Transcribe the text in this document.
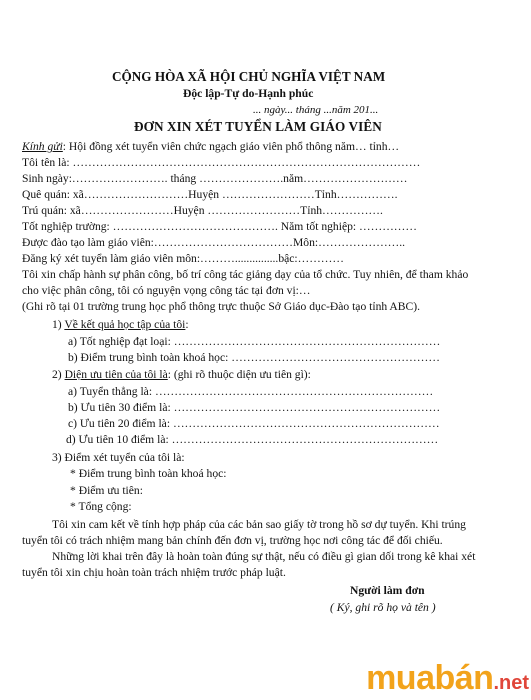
CỘNG HÒA XÃ HỘI CHỦ NGHĨA VIỆT NAM
Độc lập-Tự do-Hạnh phúc
... ngày... tháng ...năm 201...
ĐƠN XIN XÉT TUYỂN LÀM GIÁO VIÊN
Kính gửi: Hội đồng xét tuyển viên chức ngạch giáo viên phổ thông năm… tỉnh…
Tôi tên là: ………………………………………………………………………………
Sinh ngày:……………………. tháng ………………….năm………………………
Quê quán: xã………………………Huyện ……………………Tỉnh…………….
Trú quán: xã……………………Huyện ……………………Tỉnh…………….
Tốt nghiệp trường: ……………………………………. Năm tốt nghiệp: ……………
Được đào tạo làm giáo viên:………………………………Môn:…………………..
Đăng ký xét tuyển làm giáo viên môn:………...............bậc:…………
Tôi xin chấp hành sự phân công, bố trí công tác giảng dạy của tổ chức. Tuy nhiên, để tham khảo
cho việc phân công, tôi có nguyện vọng công tác tại đơn vị:…
(Ghi rõ tại 01 trường trung học phổ thông trực thuộc Sở Giáo dục-Đào tạo tỉnh ABC).
1) Về kết quả học tập của tôi:
a) Tốt nghiệp đạt loại: ……………………………………………………………
b) Điểm trung bình toàn khoá học: ………………………………………………
2) Diện ưu tiên của tôi là: (ghi rõ thuộc diện ưu tiên gì):
a) Tuyển thẳng là: ………………………………………………………………
b) Ưu tiên 30 điểm là: ……………………………………………………………
c) Ưu tiên 20 điểm là: ……………………………………………………………
d) Ưu tiên 10 điểm là: ……………………………………………………………
3) Điểm xét tuyển của tôi là:
* Điểm trung bình toàn khoá học:
* Điểm ưu tiên:
* Tổng cộng:
Tôi xin cam kết về tính hợp pháp của các bản sao giấy tờ trong hồ sơ dự tuyển. Khi trúng
tuyển tôi có trách nhiệm mang bản chính đến đơn vị, trường học nơi công tác để đối chiếu.
Những lời khai trên đây là hoàn toàn đúng sự thật, nếu có điều gì gian dối trong kê khai xét
tuyển tôi xin chịu hoàn toàn trách nhiệm trước pháp luật.
Người làm đơn
( Ký, ghi rõ họ và tên )
muabán.net
